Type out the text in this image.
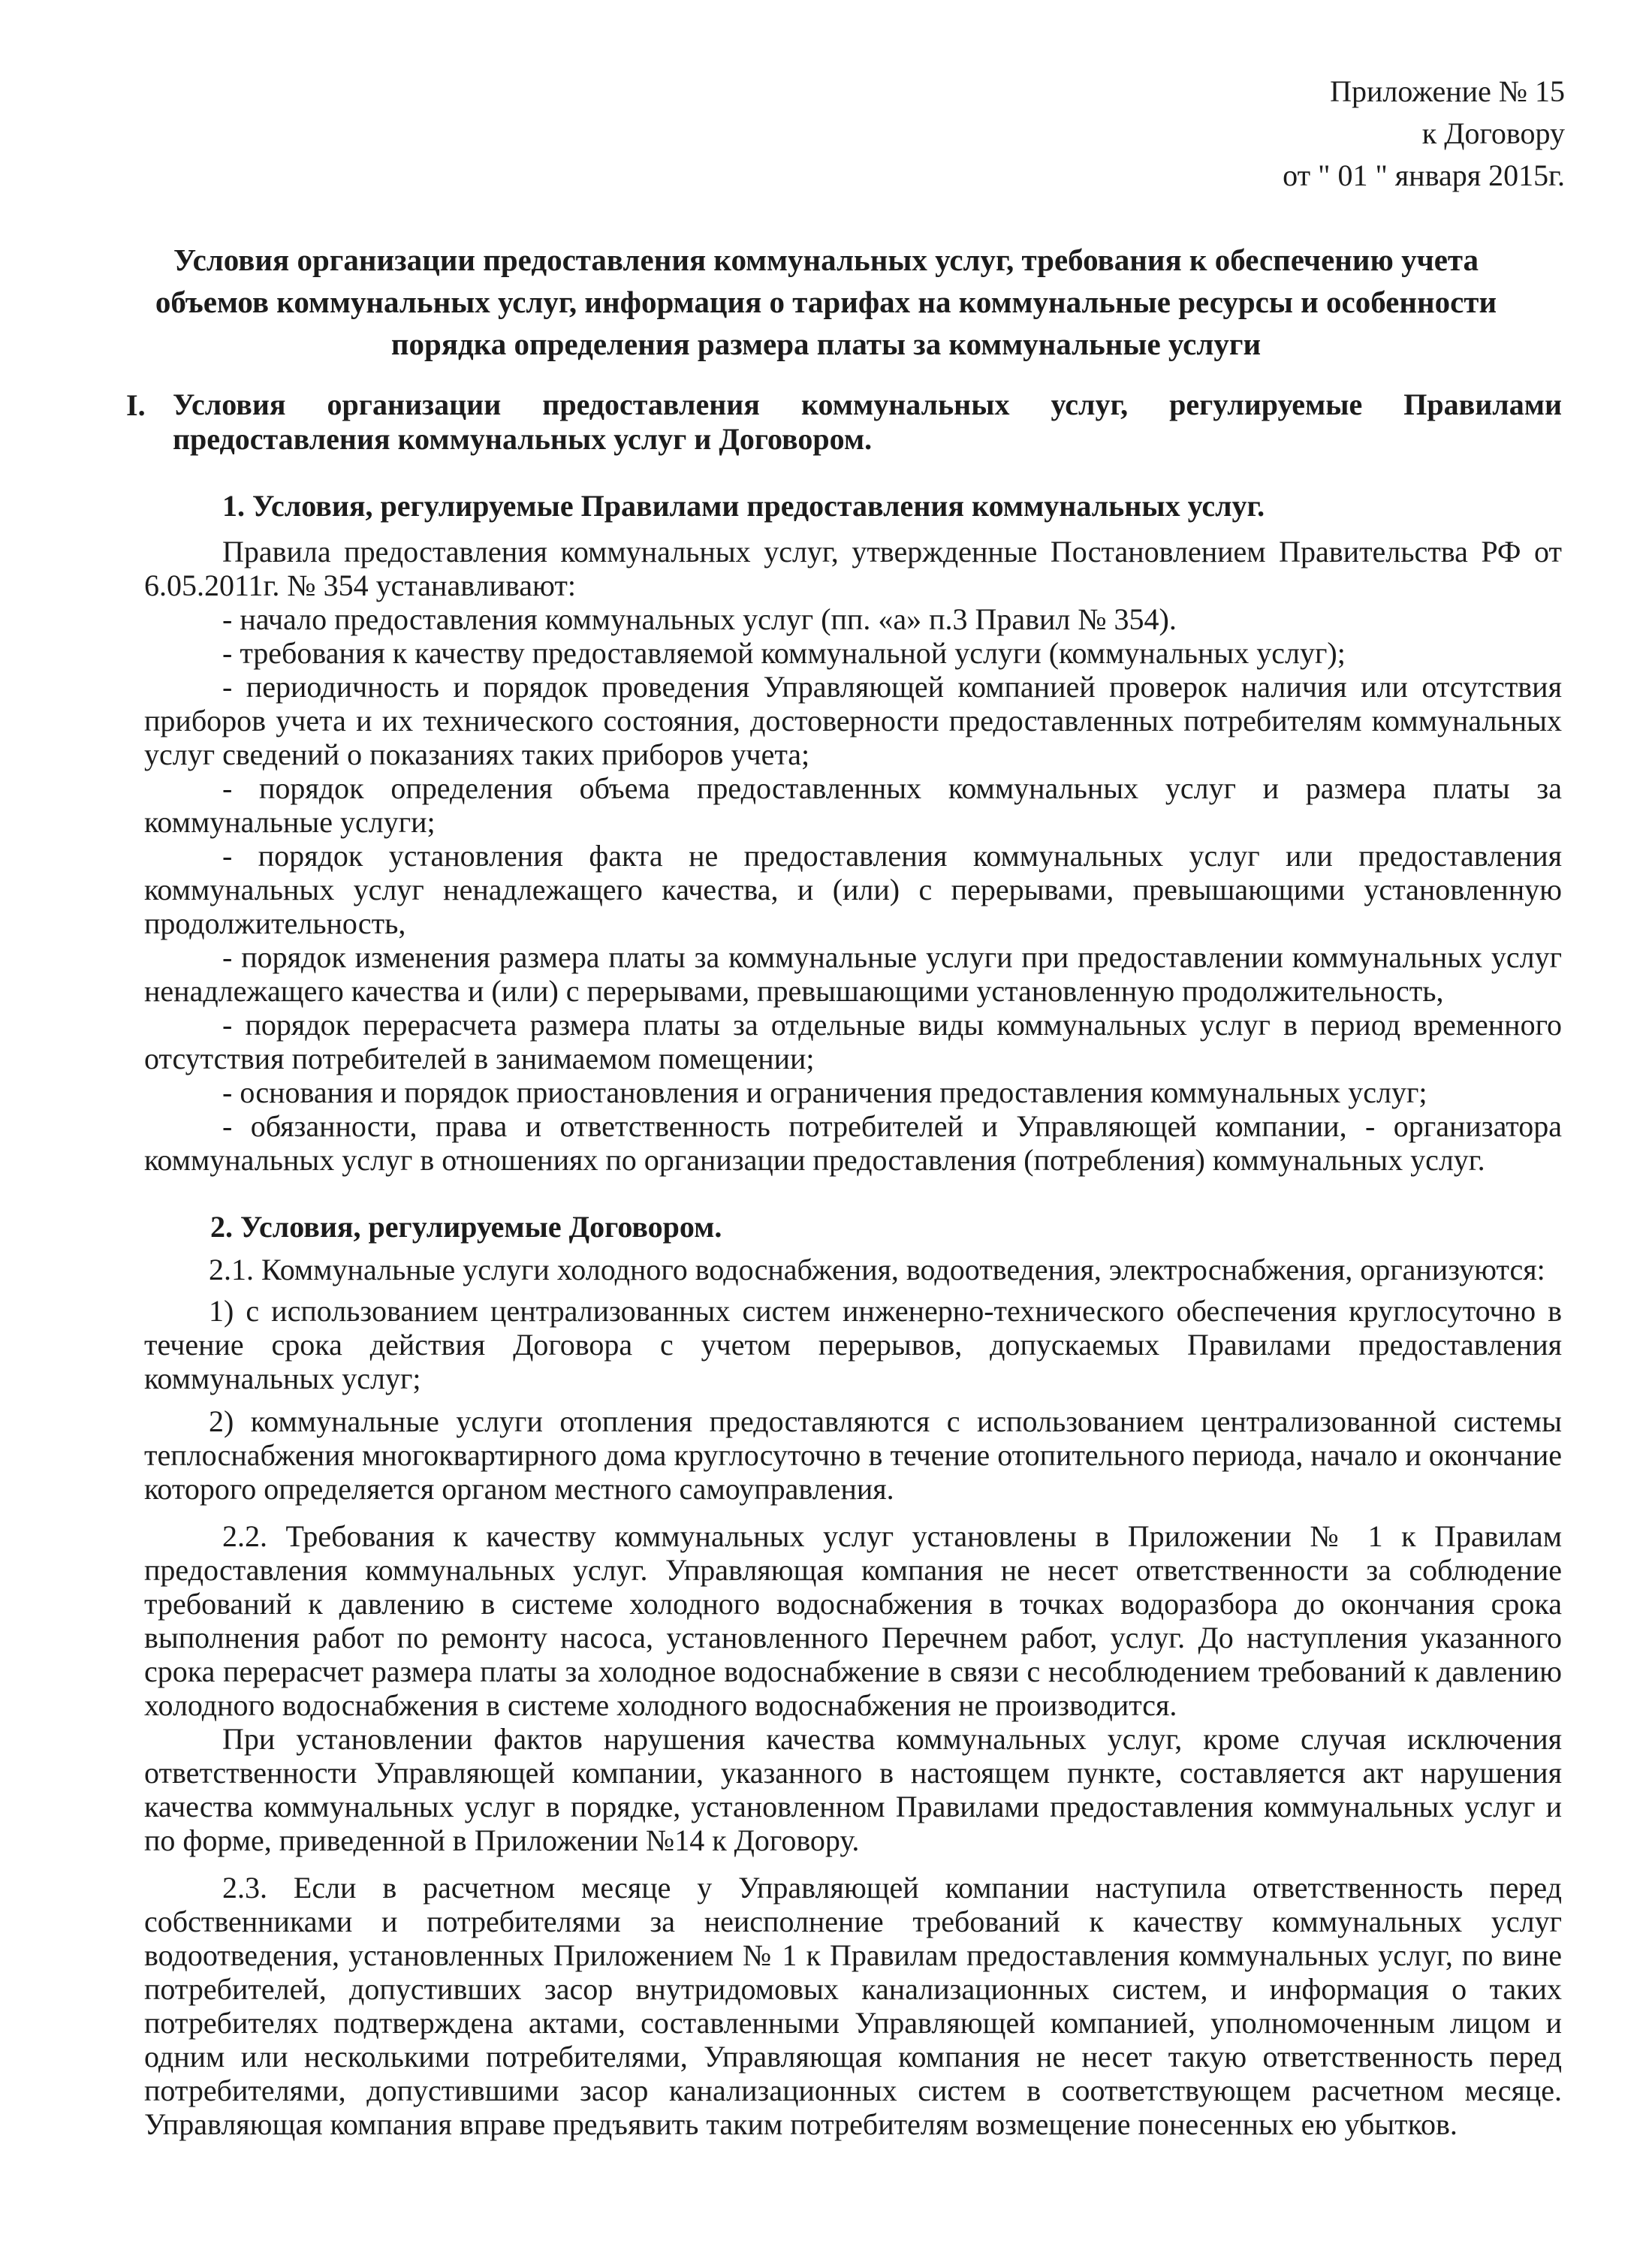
Приложение № 15
к Договору
от " 01 " января 2015г.
Условия организации предоставления коммунальных услуг, требования к обеспечению учета объемов коммунальных услуг, информация о тарифах на коммунальные ресурсы и особенности порядка определения размера платы за коммунальные услуги
I. Условия организации предоставления коммунальных услуг, регулируемые Правилами предоставления коммунальных услуг и Договором.
1. Условия, регулируемые Правилами предоставления коммунальных услуг.

Правила предоставления коммунальных услуг, утвержденные Постановлением Правительства РФ от 6.05.2011г. № 354 устанавливают:

- начало предоставления коммунальных услуг (пп. «а» п.3 Правил № 354).

- требования к качеству предоставляемой коммунальной услуги (коммунальных услуг);

- периодичность и порядок проведения Управляющей компанией проверок наличия или отсутствия приборов учета и их технического состояния, достоверности предоставленных потребителям коммунальных услуг сведений о показаниях таких приборов учета;

- порядок определения объема предоставленных коммунальных услуг и размера платы за коммунальные услуги;

- порядок установления факта не предоставления коммунальных услуг или предоставления коммунальных услуг ненадлежащего качества, и (или) с перерывами, превышающими установленную продолжительность,

- порядок изменения размера платы за коммунальные услуги при предоставлении коммунальных услуг ненадлежащего качества и (или) с перерывами, превышающими установленную продолжительность,

- порядок перерасчета размера платы за отдельные виды коммунальных услуг в период временного отсутствия потребителей в занимаемом помещении;

- основания и порядок приостановления и ограничения предоставления коммунальных услуг;

- обязанности, права и ответственность потребителей и Управляющей компании, - организатора коммунальных услуг в отношениях по организации предоставления (потребления) коммунальных услуг.

2. Условия, регулируемые Договором.

2.1. Коммунальные услуги холодного водоснабжения, водоотведения, электроснабжения, организуются:

1) с использованием централизованных систем инженерно-технического обеспечения круглосуточно в течение срока действия Договора с учетом перерывов, допускаемых Правилами предоставления коммунальных услуг;

2) коммунальные услуги отопления предоставляются с использованием централизованной системы теплоснабжения многоквартирного дома круглосуточно в течение отопительного периода, начало и окончание которого определяется органом местного самоуправления.

2.2. Требования к качеству коммунальных услуг установлены в Приложении № 1 к Правилам предоставления коммунальных услуг. Управляющая компания не несет ответственности за соблюдение требований к давлению в системе холодного водоснабжения в точках водоразбора до окончания срока выполнения работ по ремонту насоса, установленного Перечнем работ, услуг. До наступления указанного срока перерасчет размера платы за холодное водоснабжение в связи с несоблюдением требований к давлению холодного водоснабжения в системе холодного водоснабжения не производится.

При установлении фактов нарушения качества коммунальных услуг, кроме случая исключения ответственности Управляющей компании, указанного в настоящем пункте, составляется акт нарушения качества коммунальных услуг в порядке, установленном Правилами предоставления коммунальных услуг и по форме, приведенной в Приложении №14 к Договору.

2.3. Если в расчетном месяце у Управляющей компании наступила ответственность перед собственниками и потребителями за неисполнение требований к качеству коммунальных услуг водоотведения, установленных Приложением № 1 к Правилам предоставления коммунальных услуг, по вине потребителей, допустивших засор внутридомовых канализационных систем, и информация о таких потребителях подтверждена актами, составленными Управляющей компанией, уполномоченным лицом и одним или несколькими потребителями, Управляющая компания не несет такую ответственность перед потребителями, допустившими засор канализационных систем в соответствующем расчетном месяце. Управляющая компания вправе предъявить таким потребителям возмещение понесенных ею убытков.
